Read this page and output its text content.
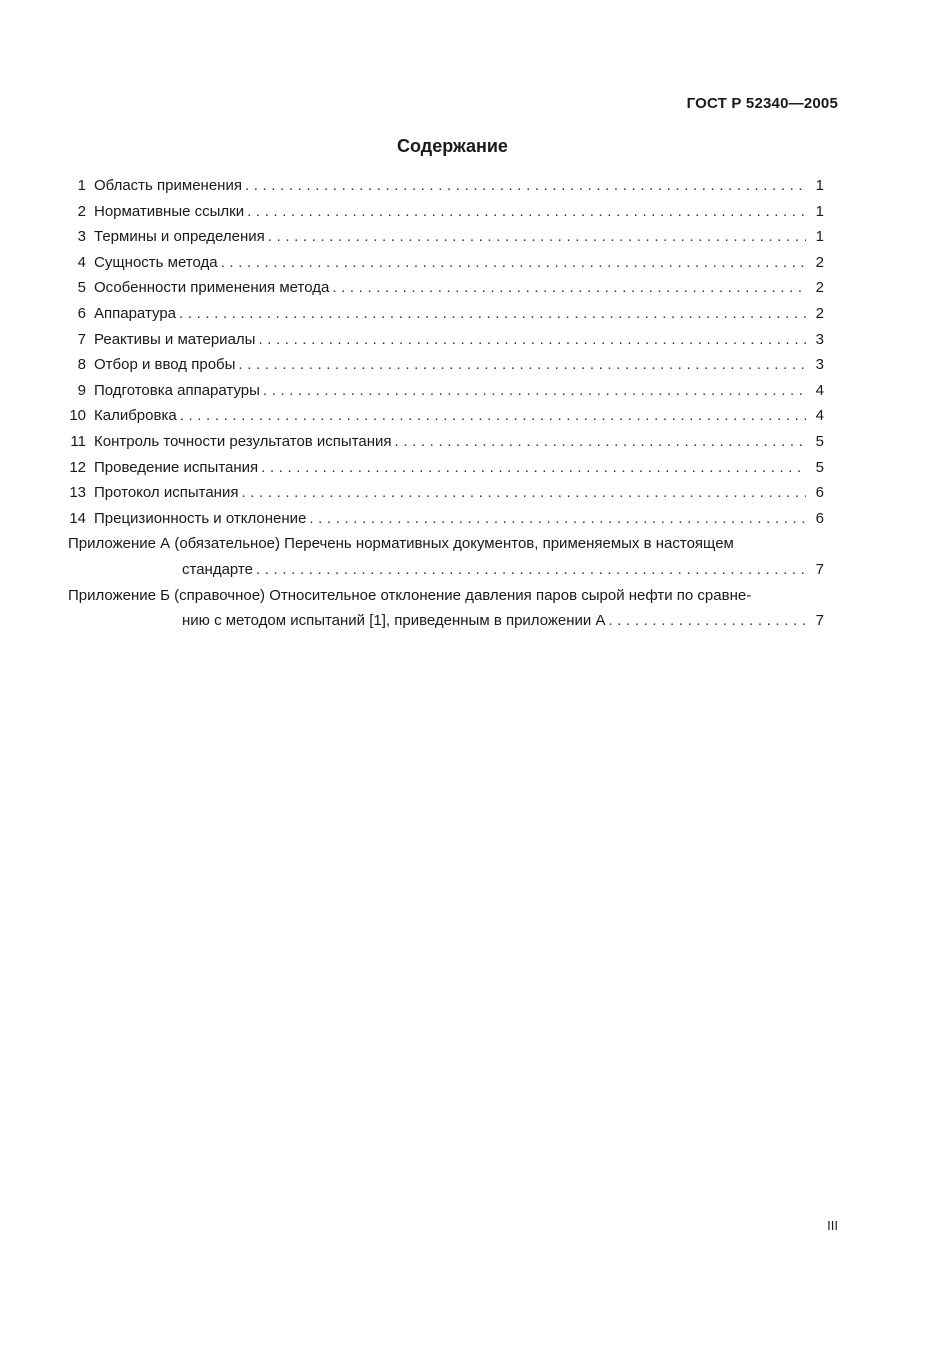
ГОСТ Р 52340—2005
Содержание
1 Область применения . . .	1
2 Нормативные ссылки . . .	1
3 Термины и определения . . .	1
4 Сущность метода . . .	2
5 Особенности применения метода . . .	2
6 Аппаратура . . .	2
7 Реактивы и материалы . . .	3
8 Отбор и ввод пробы . . .	3
9 Подготовка аппаратуры . . .	4
10 Калибровка . . .	4
11 Контроль точности результатов испытания . . .	5
12 Проведение испытания . . .	5
13 Протокол испытания . . .	6
14 Прецизионность и отклонение . . .	6
Приложение А (обязательное) Перечень нормативных документов, применяемых в настоящем
стандарте . . .	7
Приложение Б (справочное) Относительное отклонение давления паров сырой нефти по сравне-
нию с методом испытаний [1], приведенным в приложении А . . .	7
III
